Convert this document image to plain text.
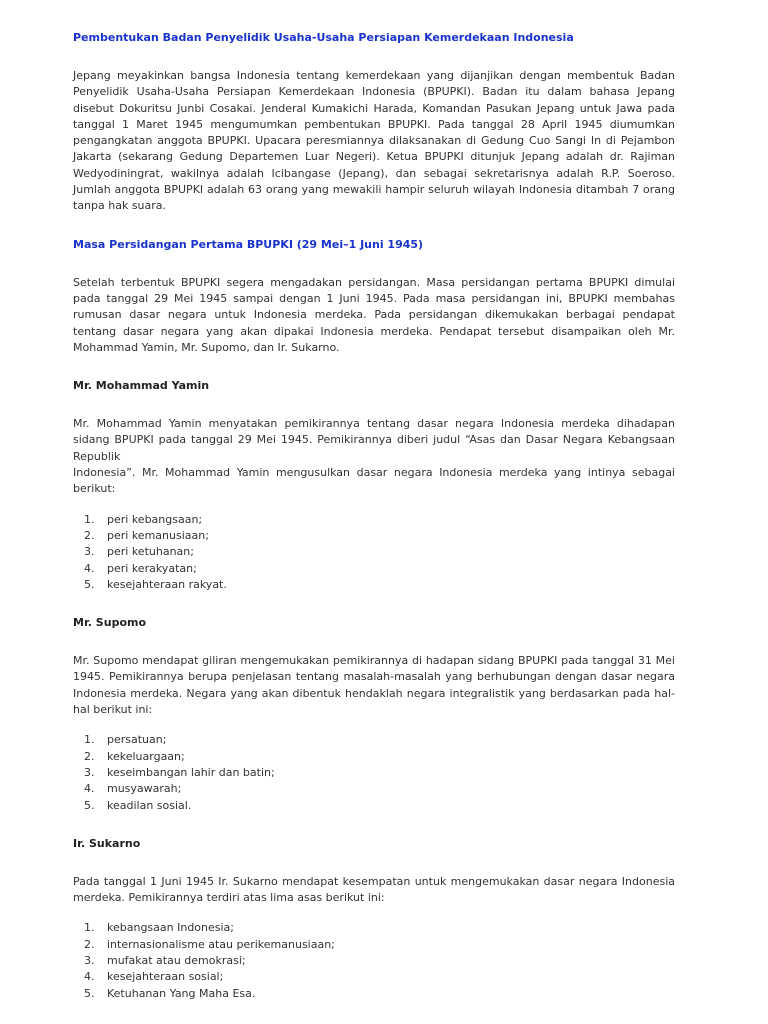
Pembentukan Badan Penyelidik Usaha-Usaha Persiapan Kemerdekaan Indonesia

Jepang meyakinkan bangsa Indonesia tentang kemerdekaan yang dijanjikan dengan membentuk Badan Penyelidik Usaha-Usaha Persiapan Kemerdekaan Indonesia (BPUPKI). Badan itu dalam bahasa Jepang disebut Dokuritsu Junbi Cosakai. Jenderal Kumakichi Harada, Komandan Pasukan Jepang untuk Jawa pada tanggal 1 Maret 1945 mengumumkan pembentukan BPUPKI. Pada tanggal 28 April 1945 diumumkan pengangkatan anggota BPUPKI. Upacara peresmiannya dilaksanakan di Gedung Cuo Sangi In di Pejambon Jakarta (sekarang Gedung Departemen Luar Negeri). Ketua BPUPKI ditunjuk Jepang adalah dr. Rajiman Wedyodiningrat, wakilnya adalah Icibangase (Jepang), dan sebagai sekretarisnya adalah R.P. Soeroso. Jumlah anggota BPUPKI adalah 63 orang yang mewakili hampir seluruh wilayah Indonesia ditambah 7 orang tanpa hak suara.

Masa Persidangan Pertama BPUPKI (29 Mei–1 Juni 1945)

Setelah terbentuk BPUPKI segera mengadakan persidangan. Masa persidangan pertama BPUPKI dimulai pada tanggal 29 Mei 1945 sampai dengan 1 Juni 1945. Pada masa persidangan ini, BPUPKI membahas rumusan dasar negara untuk Indonesia merdeka. Pada persidangan dikemukakan berbagai pendapat tentang dasar negara yang akan dipakai Indonesia merdeka. Pendapat tersebut disampaikan oleh Mr. Mohammad Yamin, Mr. Supomo, dan Ir. Sukarno.

Mr. Mohammad Yamin

Mr. Mohammad Yamin menyatakan pemikirannya tentang dasar negara Indonesia merdeka dihadapan sidang BPUPKI pada tanggal 29 Mei 1945. Pemikirannya diberi judul “Asas dan Dasar Negara Kebangsaan Republik

Indonesia”. Mr. Mohammad Yamin mengusulkan dasar negara Indonesia merdeka yang intinya sebagai berikut:

1.	peri kebangsaan;
2.	peri kemanusiaan;
3.	peri ketuhanan;
4.	peri kerakyatan;
5.	kesejahteraan rakyat.
Mr. Supomo

Mr. Supomo mendapat giliran mengemukakan pemikirannya di hadapan sidang BPUPKI pada tanggal 31 Mei 1945. Pemikirannya berupa penjelasan tentang masalah-masalah yang berhubungan dengan dasar negara Indonesia merdeka. Negara yang akan dibentuk hendaklah negara integralistik yang berdasarkan pada hal-hal berikut ini:

1.	persatuan;
2.	kekeluargaan;
3.	keseimbangan lahir dan batin;
4.	musyawarah;
5.	keadilan sosial.
Ir. Sukarno

Pada tanggal 1 Juni 1945 Ir. Sukarno mendapat kesempatan untuk mengemukakan dasar negara Indonesia merdeka. Pemikirannya terdiri atas lima asas berikut ini:

1.	kebangsaan Indonesia;
2.	internasionalisme atau perikemanusiaan;
3.	mufakat atau demokrasi;
4.	kesejahteraan sosial;
5.	Ketuhanan Yang Maha Esa.
